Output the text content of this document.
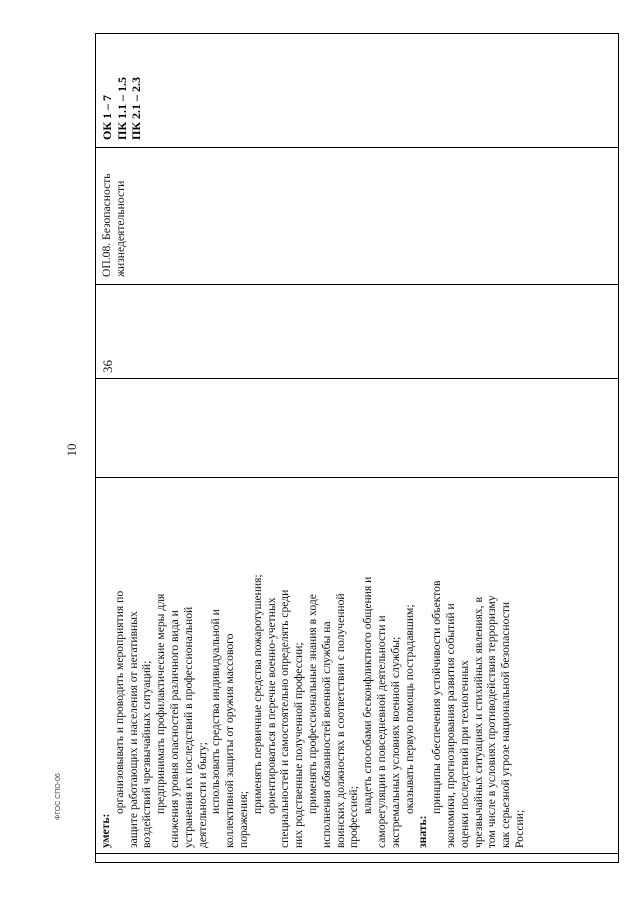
10
уметь:
организовывать и проводить мероприятия по защите работающих и населения от негативных воздействий чрезвычайных ситуаций; предпринимать профилактические меры для снижения уровня опасностей различного вида и устранения их последствий в профессиональной деятельности и быту; использовать средства индивидуальной и коллективной защиты от оружия массового поражения;
применять первичные средства пожаротушения; ориентироваться в перечне военно-учетных специальностей и самостоятельно определять среди них родственные полученной профессии; применять профессиональные знания в ходе исполнения обязанностей военной службы на воинских должностях в соответствии с полученной профессией;
владеть способами бесконфликтного общения и саморегуляции в повседневной деятельности и экстремальных условиях военной службы; оказывать первую помощь пострадавшим;
знать:
принципы обеспечения устойчивости объектов экономики, прогнозирования развития событий и оценки последствий при техногенных чрезвычайных ситуациях и стихийных явлениях, в том числе в условиях противодействия терроризму как серьезной угрозе национальной безопасности России;
36
ОП.08. Безопасность жизнедеятельности
ОК 1 – 7 ПК 1.1 – 1.5 ПК 2.1 – 2.3
ФГОС СПО-06
